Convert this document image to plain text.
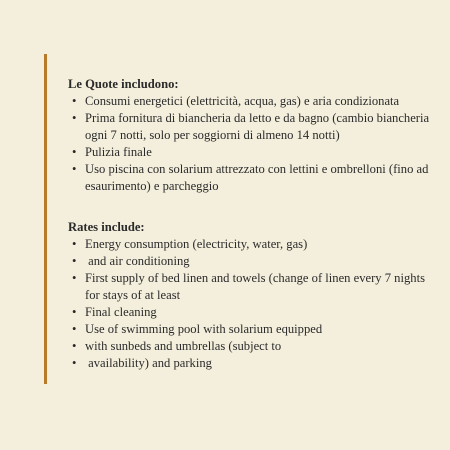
Le Quote includono:
• Consumi energetici (elettricità, acqua, gas) e aria condizionata
• Prima fornitura di biancheria da letto e da bagno (cambio biancheria
ogni 7 notti, solo per soggiorni di almeno 14 notti)
• Pulizia finale
• Uso piscina con solarium attrezzato con lettini e ombrelloni (fino ad
esaurimento) e parcheggio
Rates include:
• Energy consumption (electricity, water, gas)
•  and air conditioning
• First supply of bed linen and towels (change of linen every 7 nights
for stays of at least
• Final cleaning
• Use of swimming pool with solarium equipped
• with sunbeds and umbrellas (subject to
•  availability) and parking
